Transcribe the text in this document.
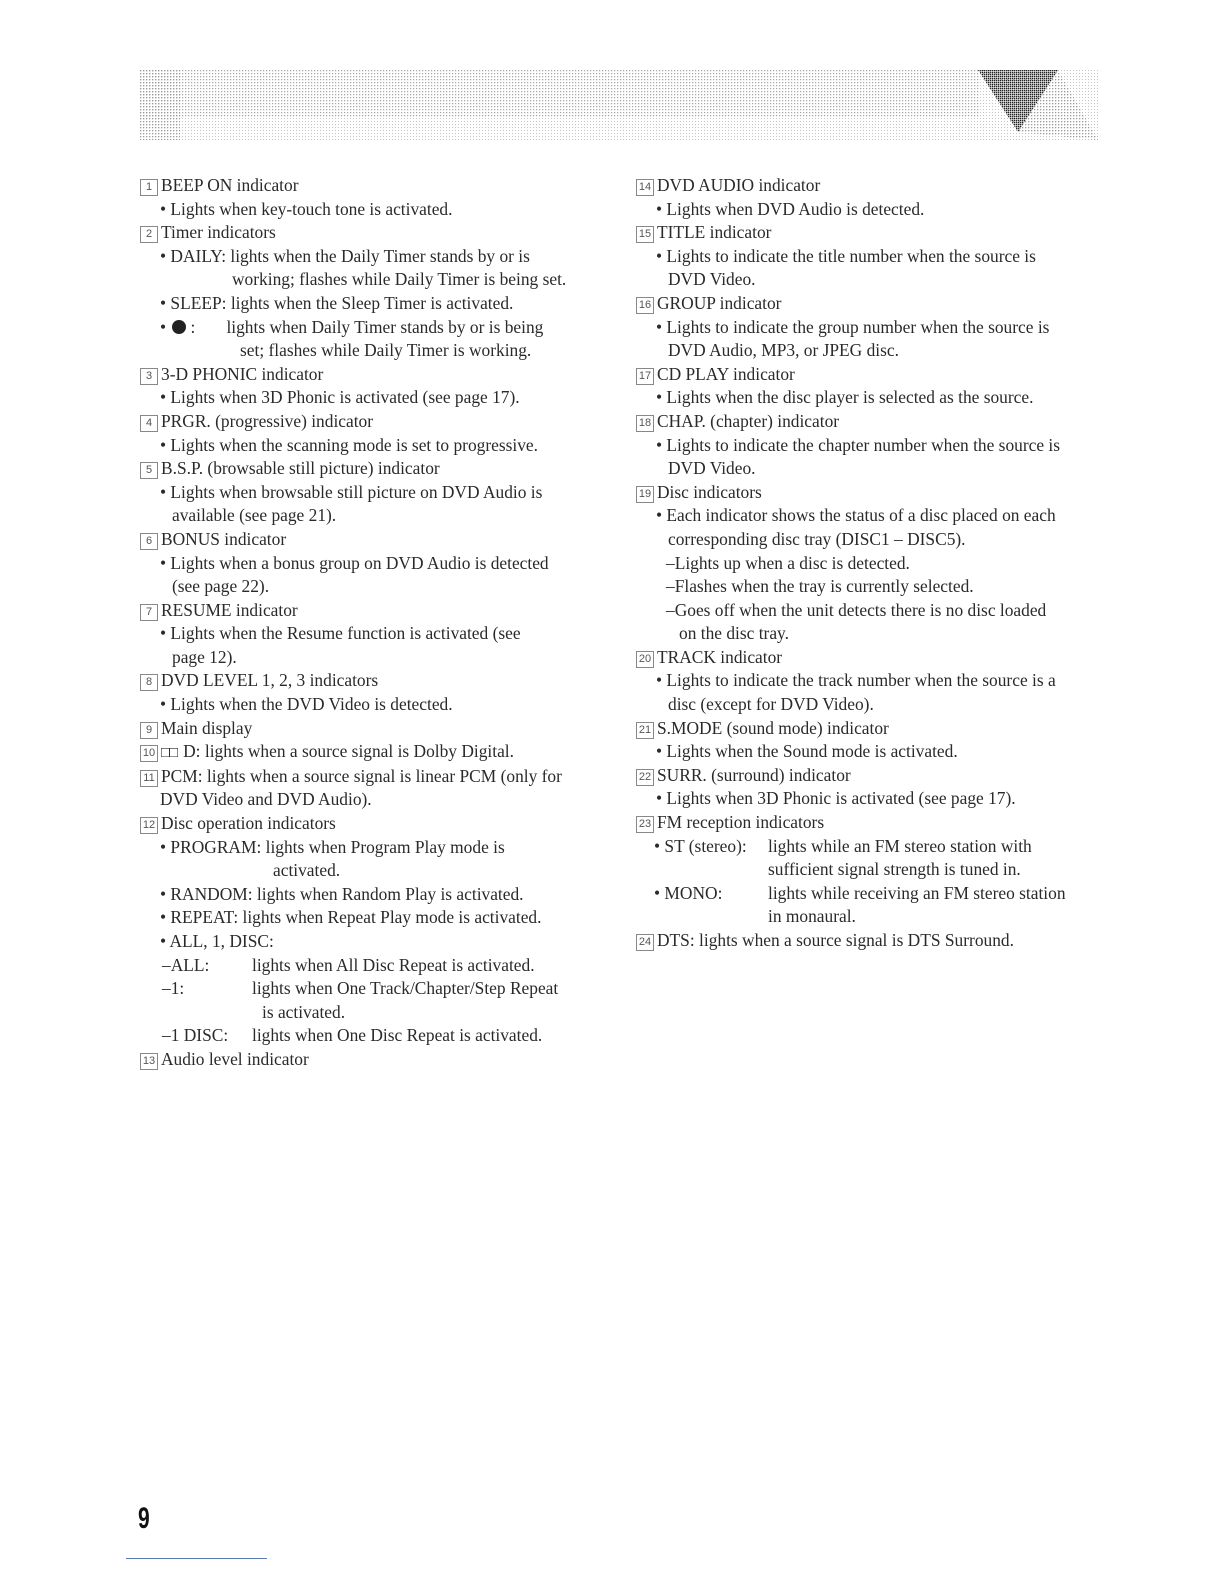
1 BEEP ON indicator
• Lights when key-touch tone is activated.
2 Timer indicators
• DAILY: lights when the Daily Timer stands by or is
working; flashes while Daily Timer is being set.
• SLEEP: lights when the Sleep Timer is activated.
• : lights when Daily Timer stands by or is being
set; flashes while Daily Timer is working.
3 3-D PHONIC indicator
• Lights when 3D Phonic is activated (see page 17).
4 PRGR. (progressive) indicator
• Lights when the scanning mode is set to progressive.
5 B.S.P. (browsable still picture) indicator
• Lights when browsable still picture on DVD Audio is
available (see page 21).
6 BONUS indicator
• Lights when a bonus group on DVD Audio is detected
(see page 22).
7 RESUME indicator
• Lights when the Resume function is activated (see
page 12).
8 DVD LEVEL 1, 2, 3 indicators
• Lights when the DVD Video is detected.
9 Main display
10 □□ D: lights when a source signal is Dolby Digital.
11 PCM: lights when a source signal is linear PCM (only for
DVD Video and DVD Audio).
12 Disc operation indicators
• PROGRAM: lights when Program Play mode is
activated.
• RANDOM: lights when Random Play is activated.
• REPEAT: lights when Repeat Play mode is activated.
• ALL, 1, DISC:
–ALL: lights when All Disc Repeat is activated.
–1:	lights when One Track/Chapter/Step Repeat
is activated.
–1 DISC: lights when One Disc Repeat is activated.
13 Audio level indicator
14 DVD AUDIO indicator
• Lights when DVD Audio is detected.
15 TITLE indicator
• Lights to indicate the title number when the source is
DVD Video.
16 GROUP indicator
• Lights to indicate the group number when the source is
DVD Audio, MP3, or JPEG disc.
17 CD PLAY indicator
• Lights when the disc player is selected as the source.
18 CHAP. (chapter) indicator
• Lights to indicate the chapter number when the source is
DVD Video.
19 Disc indicators
• Each indicator shows the status of a disc placed on each
corresponding disc tray (DISC1 – DISC5).
–Lights up when a disc is detected.
–Flashes when the tray is currently selected.
–Goes off when the unit detects there is no disc loaded
on the disc tray.
20 TRACK indicator
• Lights to indicate the track number when the source is a
disc (except for DVD Video).
21 S.MODE (sound mode) indicator
• Lights when the Sound mode is activated.
22 SURR. (surround) indicator
• Lights when 3D Phonic is activated (see page 17).
23 FM reception indicators
• ST (stereo): lights while an FM stereo station with
sufficient signal strength is tuned in.
• MONO:	lights while receiving an FM stereo station
in monaural.
24 DTS: lights when a source signal is DTS Surround.
9
